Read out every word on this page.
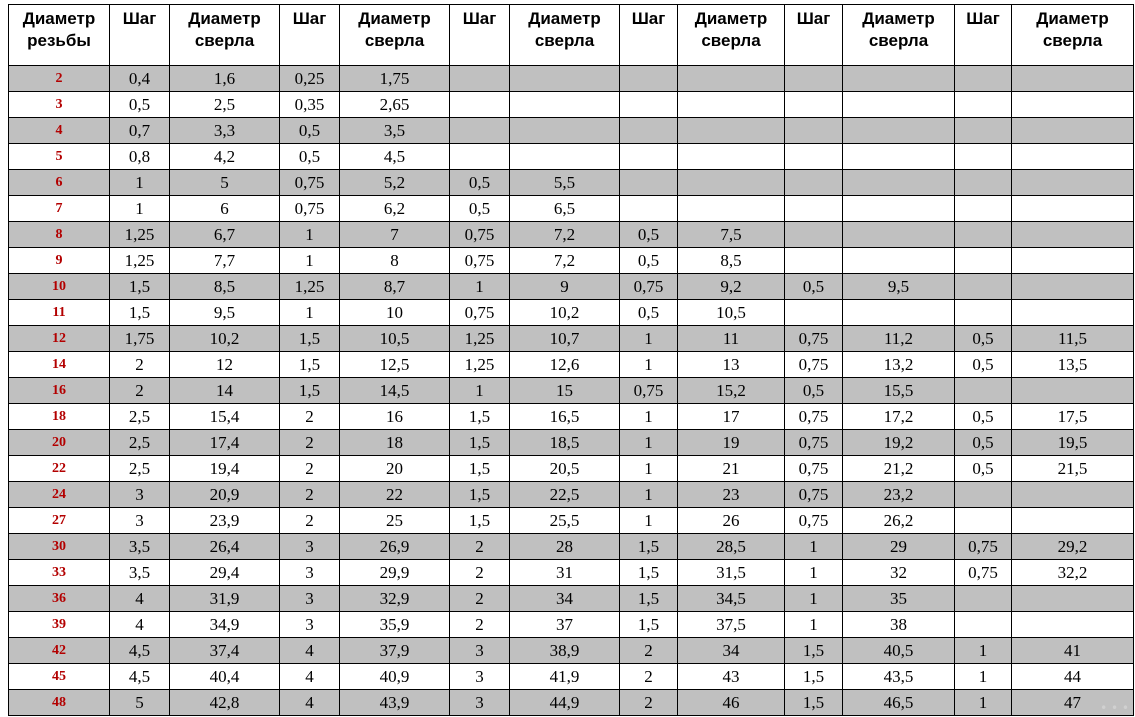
Диаметр резьбы	Шаг	Диаметр сверла	Шаг	Диаметр сверла	Шаг	Диаметр сверла	Шаг	Диаметр сверла	Шаг	Диаметр сверла	Шаг	Диаметр сверла
2	0,4	1,6	0,25	1,75								
3	0,5	2,5	0,35	2,65								
4	0,7	3,3	0,5	3,5								
5	0,8	4,2	0,5	4,5								
6	1	5	0,75	5,2	0,5	5,5						
7	1	6	0,75	6,2	0,5	6,5						
8	1,25	6,7	1	7	0,75	7,2	0,5	7,5				
9	1,25	7,7	1	8	0,75	7,2	0,5	8,5				
10	1,5	8,5	1,25	8,7	1	9	0,75	9,2	0,5	9,5		
11	1,5	9,5	1	10	0,75	10,2	0,5	10,5				
12	1,75	10,2	1,5	10,5	1,25	10,7	1	11	0,75	11,2	0,5	11,5
14	2	12	1,5	12,5	1,25	12,6	1	13	0,75	13,2	0,5	13,5
16	2	14	1,5	14,5	1	15	0,75	15,2	0,5	15,5		
18	2,5	15,4	2	16	1,5	16,5	1	17	0,75	17,2	0,5	17,5
20	2,5	17,4	2	18	1,5	18,5	1	19	0,75	19,2	0,5	19,5
22	2,5	19,4	2	20	1,5	20,5	1	21	0,75	21,2	0,5	21,5
24	3	20,9	2	22	1,5	22,5	1	23	0,75	23,2		
27	3	23,9	2	25	1,5	25,5	1	26	0,75	26,2		
30	3,5	26,4	3	26,9	2	28	1,5	28,5	1	29	0,75	29,2
33	3,5	29,4	3	29,9	2	31	1,5	31,5	1	32	0,75	32,2
36	4	31,9	3	32,9	2	34	1,5	34,5	1	35		
39	4	34,9	3	35,9	2	37	1,5	37,5	1	38		
42	4,5	37,4	4	37,9	3	38,9	2	34	1,5	40,5	1	41
45	4,5	40,4	4	40,9	3	41,9	2	43	1,5	43,5	1	44
48	5	42,8	4	43,9	3	44,9	2	46	1,5	46,5	1	47 • • •
